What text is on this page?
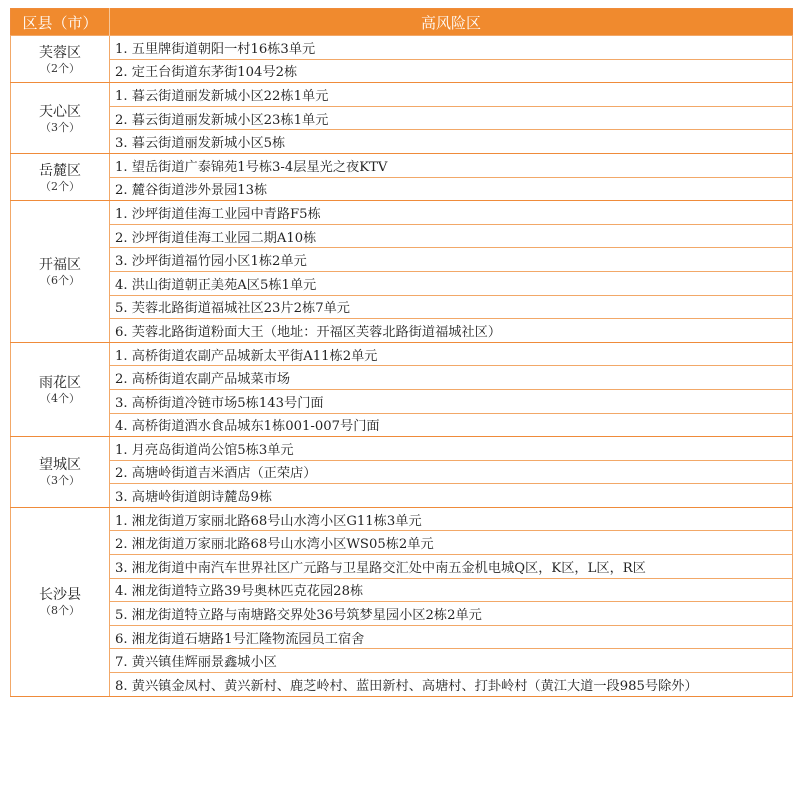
区县（市）	高风险区

芙蓉区
（2个）	1. 五里牌街道朝阳一村16栋3单元
	2. 定王台街道东茅街104号2栋

天心区
（3个）	1. 暮云街道丽发新城小区22栋1单元
	2. 暮云街道丽发新城小区23栋1单元
	3. 暮云街道丽发新城小区5栋

岳麓区
（2个）	1. 望岳街道广泰锦苑1号栋3-4层星光之夜KTV
	2. 麓谷街道涉外景园13栋

开福区
（6个）	1. 沙坪街道佳海工业园中青路F5栋
	2. 沙坪街道佳海工业园二期A10栋
	3. 沙坪街道福竹园小区1栋2单元
	4. 洪山街道朝正美苑A区5栋1单元
	5. 芙蓉北路街道福城社区23片2栋7单元
	6. 芙蓉北路街道粉面大王（地址：开福区芙蓉北路街道福城社区）

雨花区
（4个）	1. 高桥街道农副产品城新太平街A11栋2单元
	2. 高桥街道农副产品城菜市场
	3. 高桥街道冷链市场5栋143号门面
	4. 高桥街道酒水食品城东1栋001-007号门面

望城区
（3个）	1. 月亮岛街道尚公馆5栋3单元
	2. 高塘岭街道吉米酒店（正荣店）
	3. 高塘岭街道朗诗麓岛9栋

长沙县
（8个）	1. 湘龙街道万家丽北路68号山水湾小区G11栋3单元
	2. 湘龙街道万家丽北路68号山水湾小区WS05栋2单元
	3. 湘龙街道中南汽车世界社区广元路与卫星路交汇处中南五金机电城Q区，K区，L区，R区
	4. 湘龙街道特立路39号奥林匹克花园28栋
	5. 湘龙街道特立路与南塘路交界处36号筑梦星园小区2栋2单元
	6. 湘龙街道石塘路1号汇隆物流园员工宿舍
	7. 黄兴镇佳辉丽景鑫城小区
	8. 黄兴镇金凤村、黄兴新村、鹿芝岭村、蓝田新村、高塘村、打卦岭村（黄江大道一段985号除外）
